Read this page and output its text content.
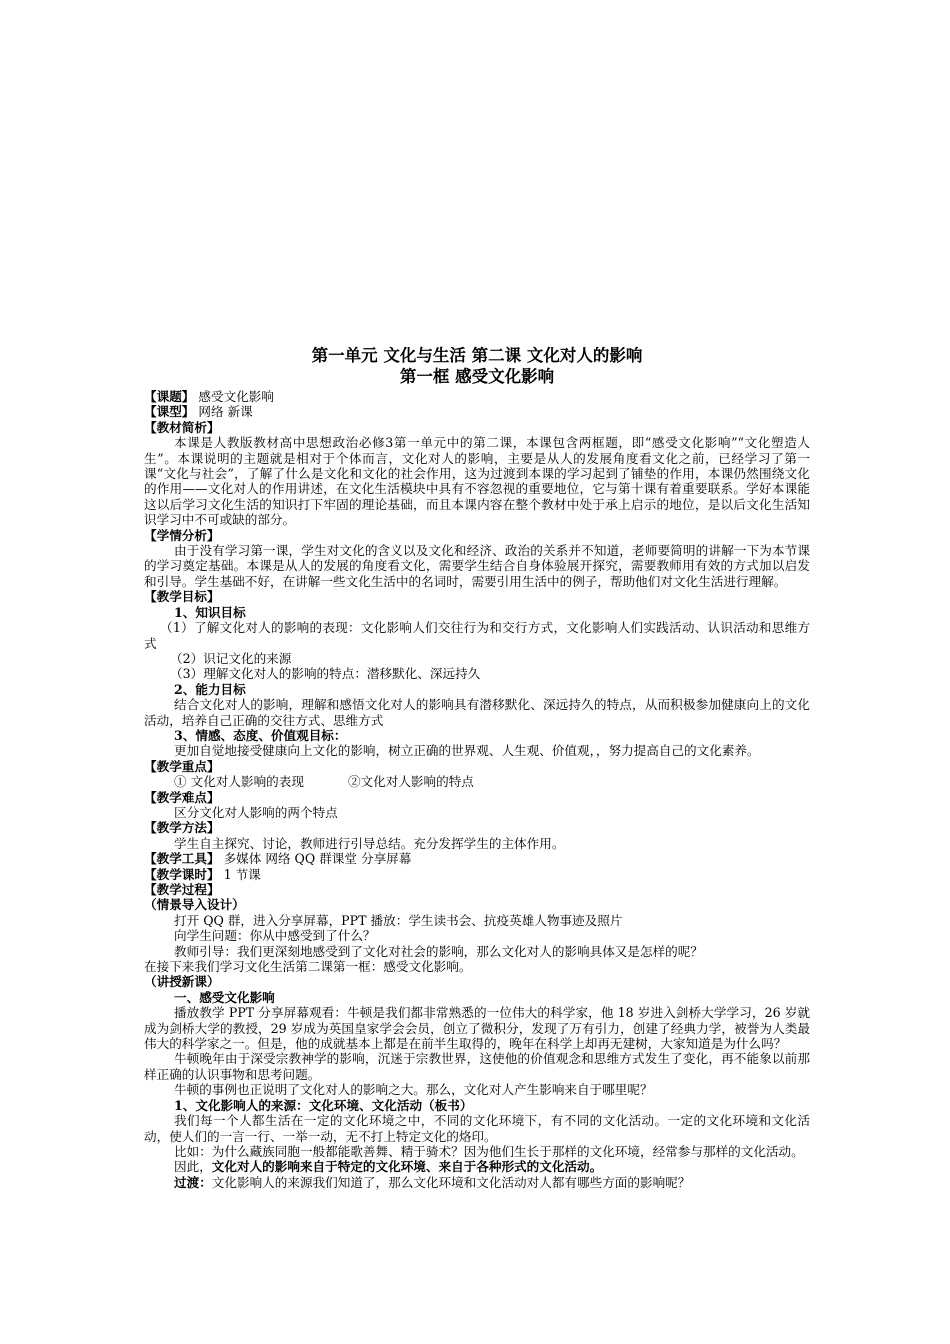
第一单元 文化与生活 第二课 文化对人的影响
第一框 感受文化影响

【课题】 感受文化影响

【课型】 网络 新课

【教材简析】

本课是人教版教材高中思想政治必修3第一单元中的第二课，本课包含两框题，即“感受文化影响”“文化塑造人生”。本课说明的主题就是相对于个体而言，文化对人的影响，主要是从人的发展角度看文化之前，已经学习了第一课“文化与社会”，了解了什么是文化和文化的社会作用，这为过渡到本课的学习起到了铺垫的作用，本课仍然围绕文化的作用——文化对人的作用讲述，在文化生活模块中具有不容忽视的重要地位，它与第十课有着重要联系。学好本课能这以后学习文化生活的知识打下牢固的理论基础，而且本课内容在整个教材中处于承上启示的地位，是以后文化生活知识学习中不可或缺的部分。

【学情分析】

由于没有学习第一课，学生对文化的含义以及文化和经济、政治的关系并不知道，老师要简明的讲解一下为本节课的学习奠定基础。本课是从人的发展的角度看文化，需要学生结合自身体验展开探究，需要教师用有效的方式加以启发和引导。学生基础不好，在讲解一些文化生活中的名词时，需要引用生活中的例子，帮助他们对文化生活进行理解。

【教学目标】

1、知识目标

（1）了解文化对人的影响的表现：文化影响人们交往行为和交行方式，文化影响人们实践活动、认识活动和思维方式

（2）识记文化的来源

（3）理解文化对人的影响的特点：潜移默化、深远持久

2、能力目标

结合文化对人的影响，理解和感悟文化对人的影响具有潜移默化、深远持久的特点，从而积极参加健康向上的文化活动，培养自己正确的交往方式、思维方式

3、情感、态度、价值观目标：

更加自觉地接受健康向上文化的影响，树立正确的世界观、人生观、价值观，，努力提高自己的文化素养。

【教学重点】

① 文化对人影响的表现	②文化对人影响的特点

【教学难点】

区分文化对人影响的两个特点

【教学方法】

学生自主探究、讨论，教师进行引导总结。充分发挥学生的主体作用。

【教学工具】 多媒体 网络 QQ 群课堂 分享屏幕

【教学课时】 1 节课

【教学过程】

（情景导入设计）

打开 QQ 群，进入分享屏幕，PPT 播放：学生读书会、抗疫英雄人物事迹及照片

向学生问题：你从中感受到了什么？

教师引导：我们更深刻地感受到了文化对社会的影响，那么文化对人的影响具体又是怎样的呢？

在接下来我们学习文化生活第二课第一框：感受文化影响。

（讲授新课）

一、感受文化影响

播放教学 PPT 分享屏幕观看：牛顿是我们都非常熟悉的一位伟大的科学家，他 18 岁进入剑桥大学学习，26 岁就成为剑桥大学的教授，29 岁成为英国皇家学会会员，创立了微积分，发现了万有引力，创建了经典力学，被誉为人类最伟大的科学家之一。但是，他的成就基本上都是在前半生取得的，晚年在科学上却再无建树，大家知道是为什么吗？

牛顿晚年由于深受宗教神学的影响，沉迷于宗教世界，这使他的价值观念和思维方式发生了变化，再不能象以前那样正确的认识事物和思考问题。

牛顿的事例也正说明了文化对人的影响之大。那么，文化对人产生影响来自于哪里呢？

1、文化影响人的来源：文化环境、文化活动（板书）

我们每一个人都生活在一定的文化环境之中，不同的文化环境下，有不同的文化活动。一定的文化环境和文化活动，使人们的一言一行、一举一动，无不打上特定文化的烙印。

比如：为什么藏族同胞一般都能歌善舞、精于骑术？因为他们生长于那样的文化环境，经常参与那样的文化活动。

因此，文化对人的影响来自于特定的文化环境、来自于各种形式的文化活动。

过渡：文化影响人的来源我们知道了，那么文化环境和文化活动对人都有哪些方面的影响呢？
